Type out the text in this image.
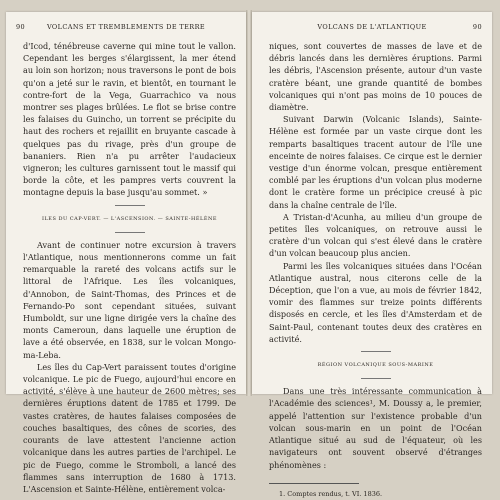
90	VOLCANS ET TREMBLEMENTS DE TERRE

d'Icod, ténébreuse caverne qui mine tout le vallon. Cependant les berges s'élargissent, la mer étend au loin son horizon; nous traversons le pont de bois qu'on a jeté sur le ravin, et bientôt, en tournant le contre-fort de la Vega, Guarrachico va nous montrer ses plages brûlées. Le flot se brise contre les falaises du Guincho, un torrent se précipite du haut des rochers et rejaillit en bruyante cascade à quelques pas du rivage, près d'un groupe de bananiers. Rien n'a pu arrêter l'audacieux vigneron; les cultures garnissent tout le massif qui borde la côte, et les pampres verts couvrent la montagne depuis la base jusqu'au sommet. »

ILES DU CAP-VERT. — L'ASCENSION. — SAINTE-HÉLÈNE

Avant de continuer notre excursion à travers l'Atlantique, nous mentionnerons comme un fait remarquable la rareté des volcans actifs sur le littoral de l'Afrique. Les îles volcaniques, d'Annobon, de Saint-Thomas, des Princes et de Fernando-Po sont cependant situées, suivant Humboldt, sur une ligne dirigée vers la chaîne des monts Cameroun, dans laquelle une éruption de lave a été observée, en 1838, sur le volcan Mongo-ma-Leba.

Les îles du Cap-Vert paraissent toutes d'origine volcanique. Le pic de Fuego, aujourd'hui encore en activité, s'élève à une hauteur de 2600 mètres; ses dernières éruptions datent de 1785 et 1799. De vastes cratères, de hautes falaises composées de couches basaltiques, des cônes de scories, des courants de lave attestent l'ancienne action volcanique dans les autres parties de l'archipel. Le pic de Fuego, comme le Stromboli, a lancé des flammes sans interruption de 1680 à 1713. L'Ascension et Sainte-Hélène, entièrement volca-

VOLCANS DE L'ATLANTIQUE	90

niques, sont couvertes de masses de lave et de débris lancés dans les dernières éruptions. Parmi les débris, l'Ascension présente, autour d'un vaste cratère béant, une grande quantité de bombes volcaniques qui n'ont pas moins de 10 pouces de diamètre.

Suivant Darwin (Volcanic Islands), Sainte-Hélène est formée par un vaste cirque dont les remparts basaltiques tracent autour de l'île une enceinte de noires falaises. Ce cirque est le dernier vestige d'un énorme volcan, presque entièrement comblé par les éruptions d'un volcan plus moderne dont le cratère forme un précipice creusé à pic dans la chaîne centrale de l'île.

A Tristan-d'Acunha, au milieu d'un groupe de petites îles volcaniques, on retrouve aussi le cratère d'un volcan qui s'est élevé dans le cratère d'un volcan beaucoup plus ancien.

Parmi les îles volcaniques situées dans l'Océan Atlantique austral, nous citerons celle de la Déception, que l'on a vue, au mois de février 1842, vomir des flammes sur treize points différents disposés en cercle, et les îles d'Amsterdam et de Saint-Paul, contenant toutes deux des cratères en activité.

RÉGION VOLCANIQUE SOUS-MARINE

Dans une très intéressante communication à l'Académie des sciences¹, M. Doussy a, le premier, appelé l'attention sur l'existence probable d'un volcan sous-marin en un point de l'Océan Atlantique situé au sud de l'équateur, où les navigateurs ont souvent observé d'étranges phénomènes :

1. Comptes rendus, t. VI. 1836.
